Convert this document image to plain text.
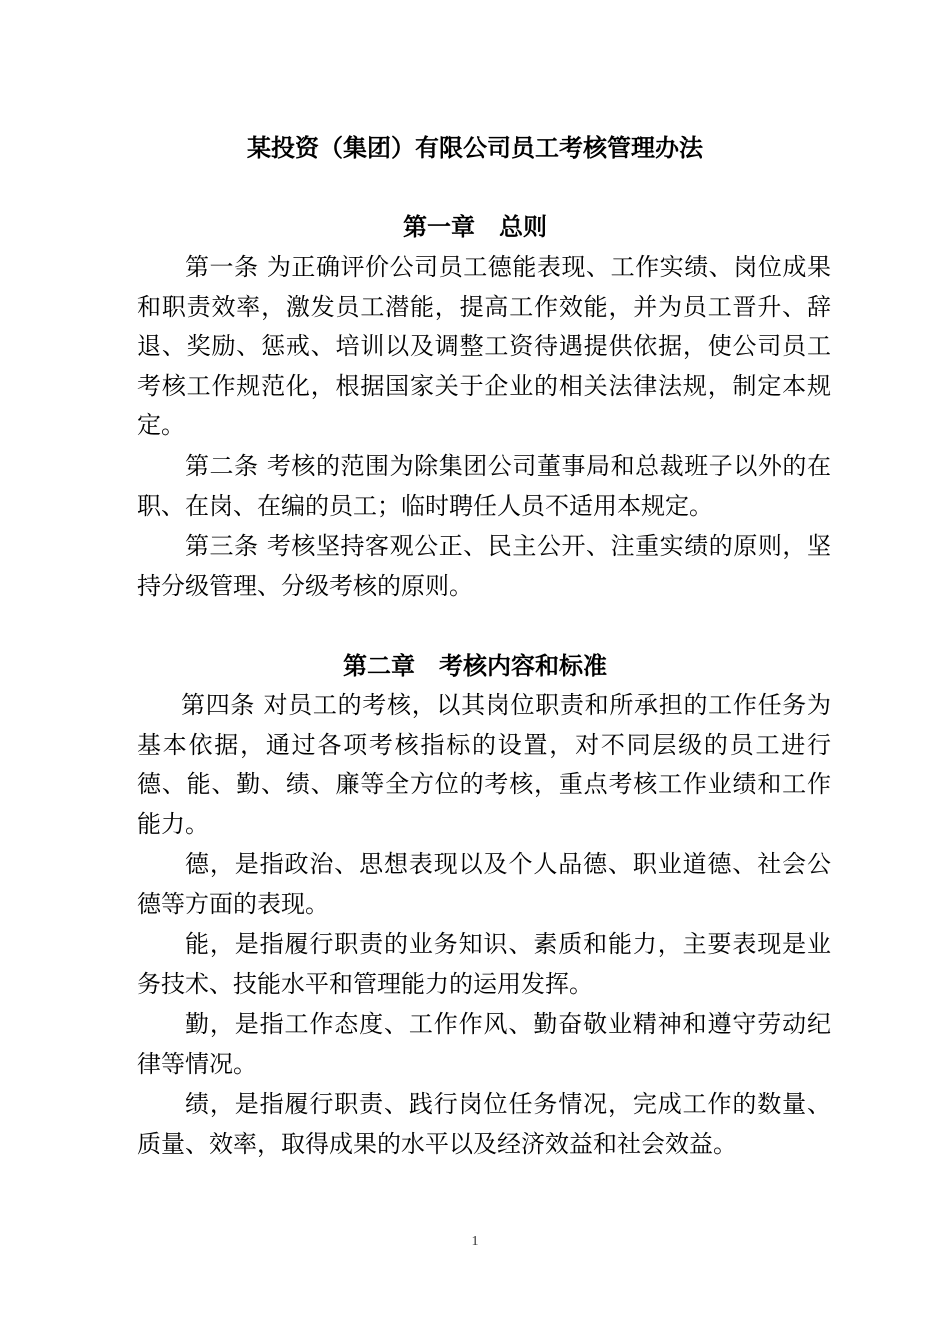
某投资（集团）有限公司员工考核管理办法
第一章　总则

第一条 为正确评价公司员工德能表现、工作实绩、岗位成果和职责效率，激发员工潜能，提高工作效能，并为员工晋升、辞退、奖励、惩戒、培训以及调整工资待遇提供依据，使公司员工考核工作规范化，根据国家关于企业的相关法律法规，制定本规定。

第二条 考核的范围为除集团公司董事局和总裁班子以外的在职、在岗、在编的员工；临时聘任人员不适用本规定。

第三条 考核坚持客观公正、民主公开、注重实绩的原则，坚持分级管理、分级考核的原则。

第二章　考核内容和标准

第四条 对员工的考核，以其岗位职责和所承担的工作任务为基本依据，通过各项考核指标的设置，对不同层级的员工进行德、能、勤、绩、廉等全方位的考核，重点考核工作业绩和工作能力。

德，是指政治、思想表现以及个人品德、职业道德、社会公德等方面的表现。

能，是指履行职责的业务知识、素质和能力，主要表现是业务技术、技能水平和管理能力的运用发挥。

勤，是指工作态度、工作作风、勤奋敬业精神和遵守劳动纪律等情况。

绩，是指履行职责、践行岗位任务情况，完成工作的数量、质量、效率，取得成果的水平以及经济效益和社会效益。

1
